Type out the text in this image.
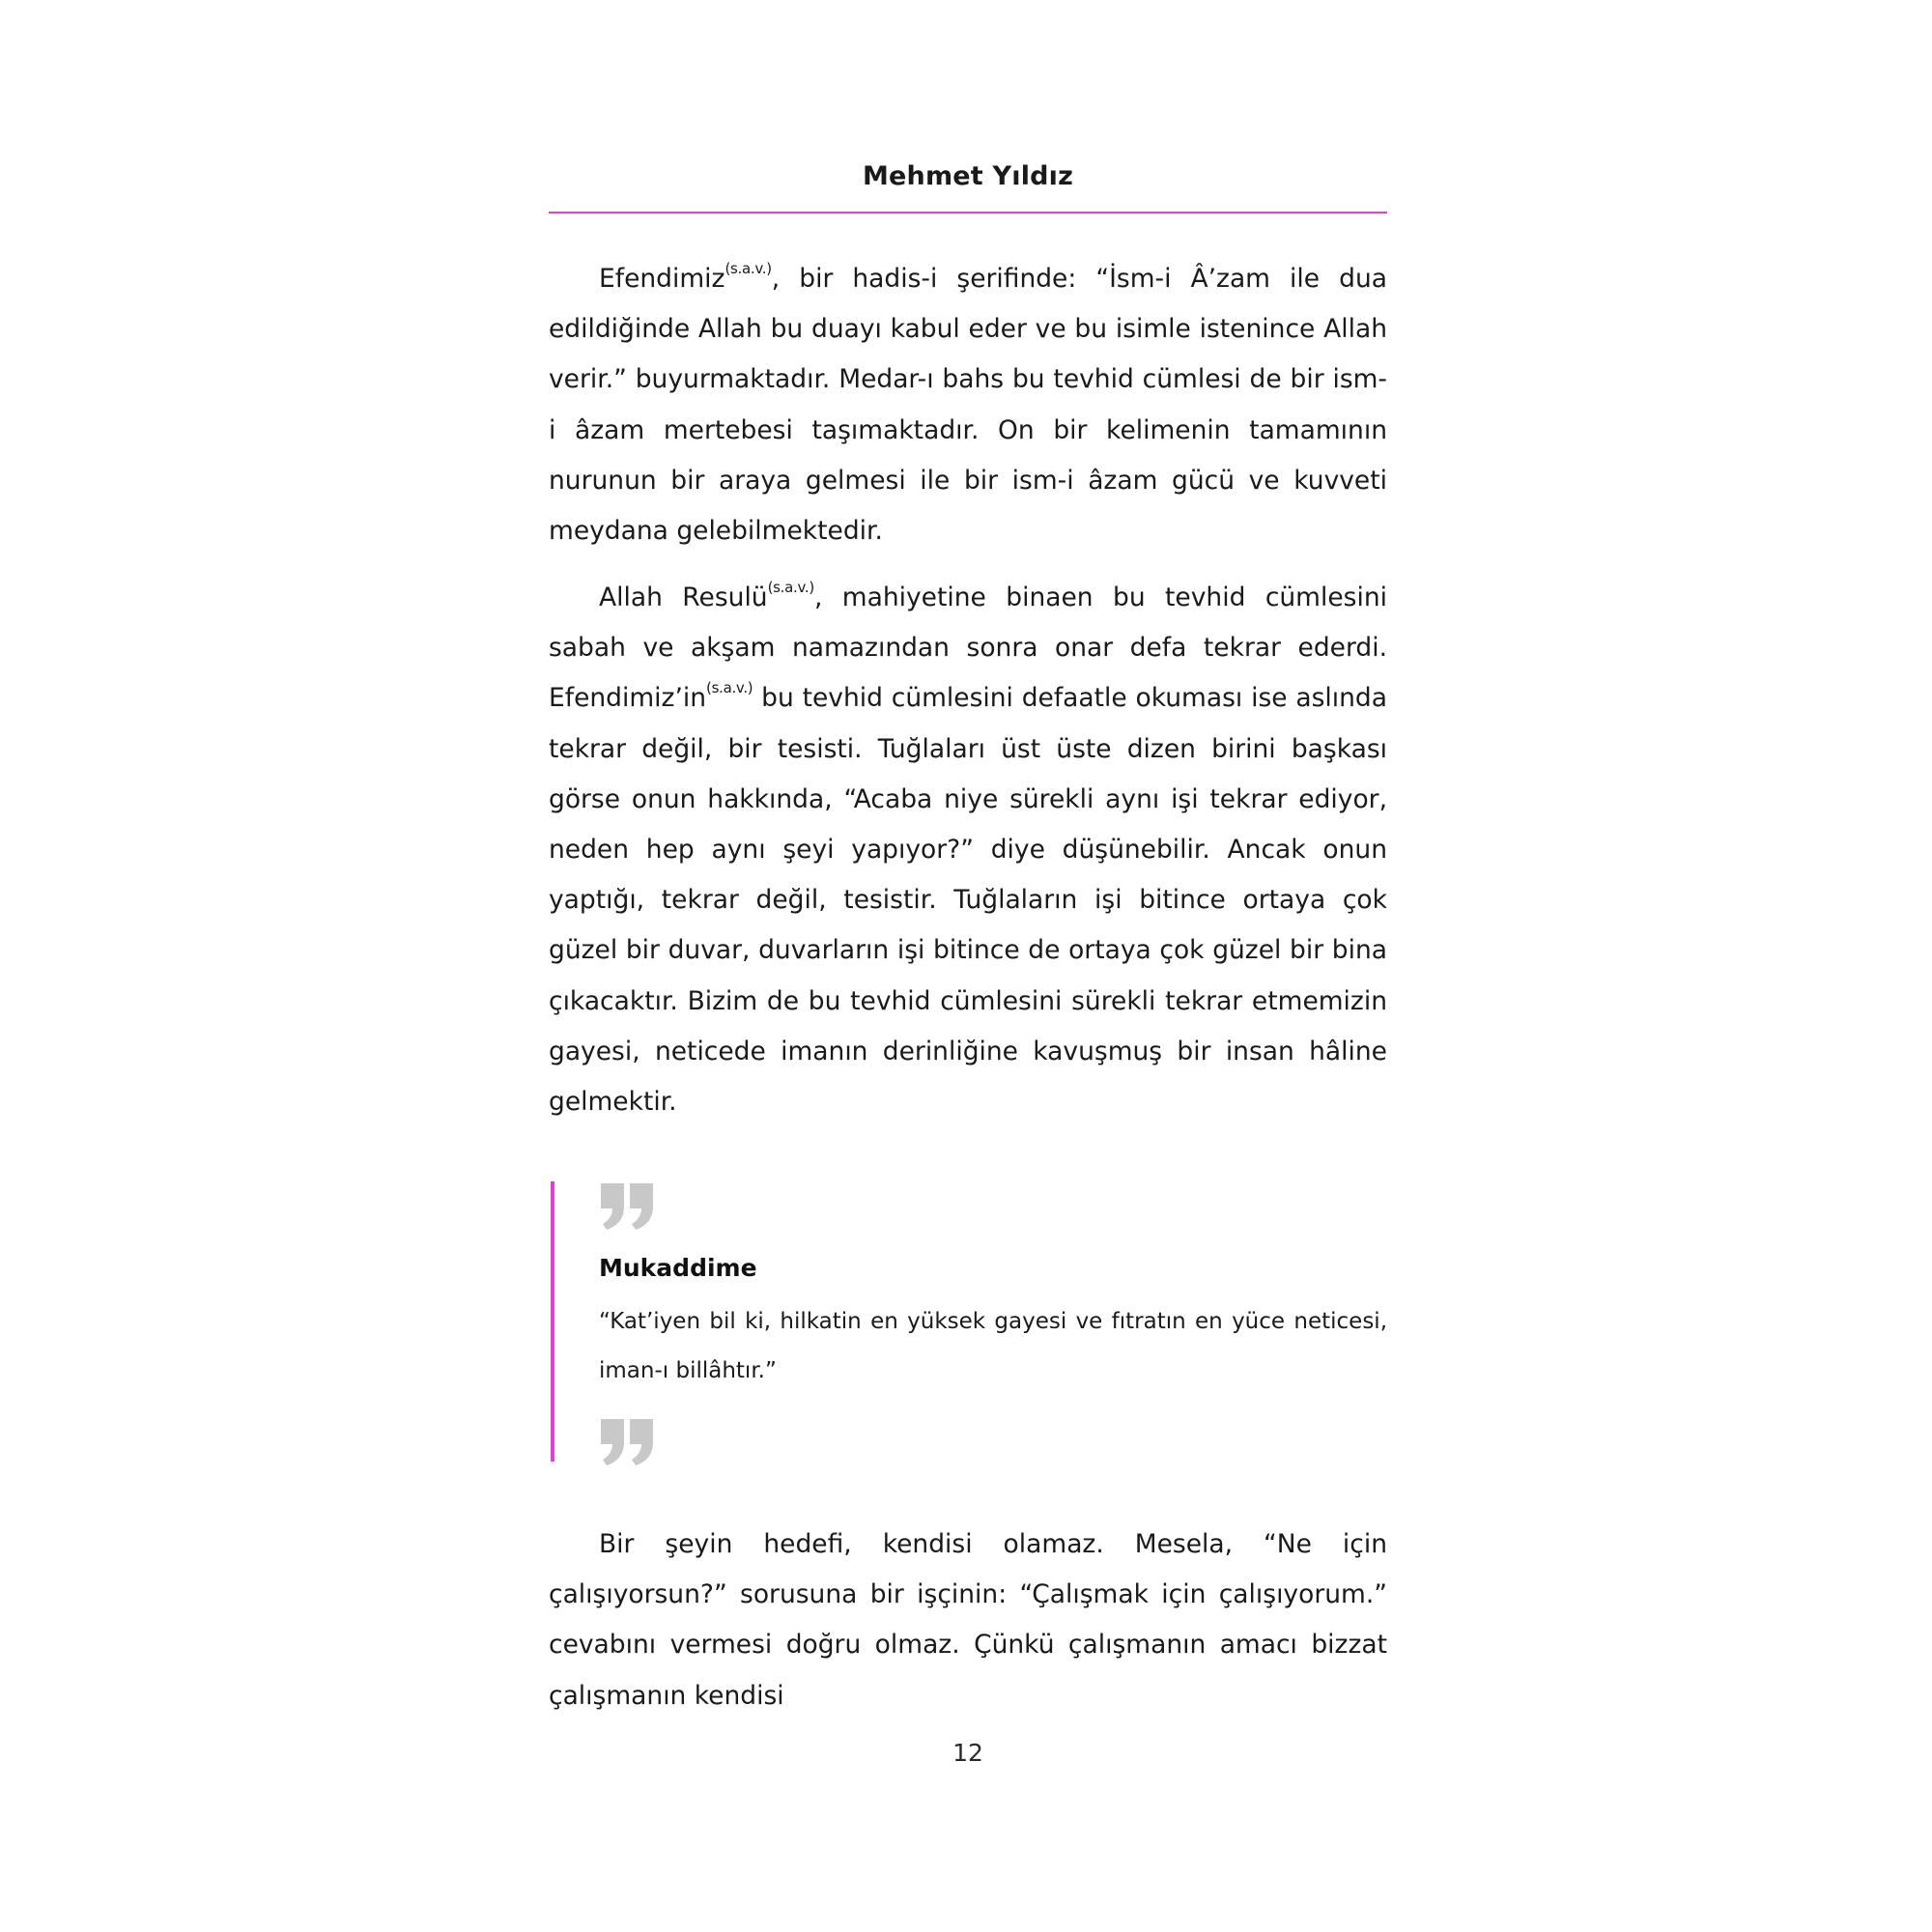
Mehmet Yıldız

Efendimiz$^{(s.a.v.)}$, bir hadis-i şerifinde: “İsm-i Â’zam ile dua edildiğinde Allah bu duayı kabul eder ve bu isimle istenince Allah verir.” buyurmaktadır. Medar-ı bahs bu tevhid cümlesi de bir ism-i âzam mertebesi taşımaktadır. On bir kelimenin tamamının nurunun bir araya gelmesi ile bir ism-i âzam gücü ve kuvveti meydana gelebilmektedir.

Allah Resulü$^{(s.a.v.)}$, mahiyetine binaen bu tevhid cümlesini sabah ve akşam namazından sonra onar defa tekrar ederdi. $Efendimiz’in^{(s.a.v.)}$ bu tevhid cümlesini defaatle okuması ise aslında tekrar değil, bir tesisti. Tuğlaları üst üste dizen birini başkası görse onun hakkında, “Acaba niye sürekli aynı işi tekrar ediyor, neden hep aynı şeyi yapıyor?” diye düşünebilir. Ancak onun yaptığı, tekrar değil, tesistir. Tuğlaların işi bitince ortaya çok güzel bir duvar, duvarların işi bitince de ortaya çok güzel bir bina çıkacaktır. Bizim de bu tevhid cümlesini sürekli tekrar etmemizin gayesi, neticede imanın derinliğine kavuşmuş bir insan hâline gelmektir.

Mukaddime

“Kat’iyen bil ki, hilkatin en yüksek gayesi ve fıtratın en yüce neticesi, iman-ı billâhtır.”

Bir şeyin hedefi, kendisi olamaz. Mesela, “Ne için çalışıyorsun?” sorusuna bir işçinin: “Çalışmak için çalışıyorum.” cevabını vermesi doğru olmaz. Çünkü çalışmanın amacı bizzat çalışmanın kendisi

12
